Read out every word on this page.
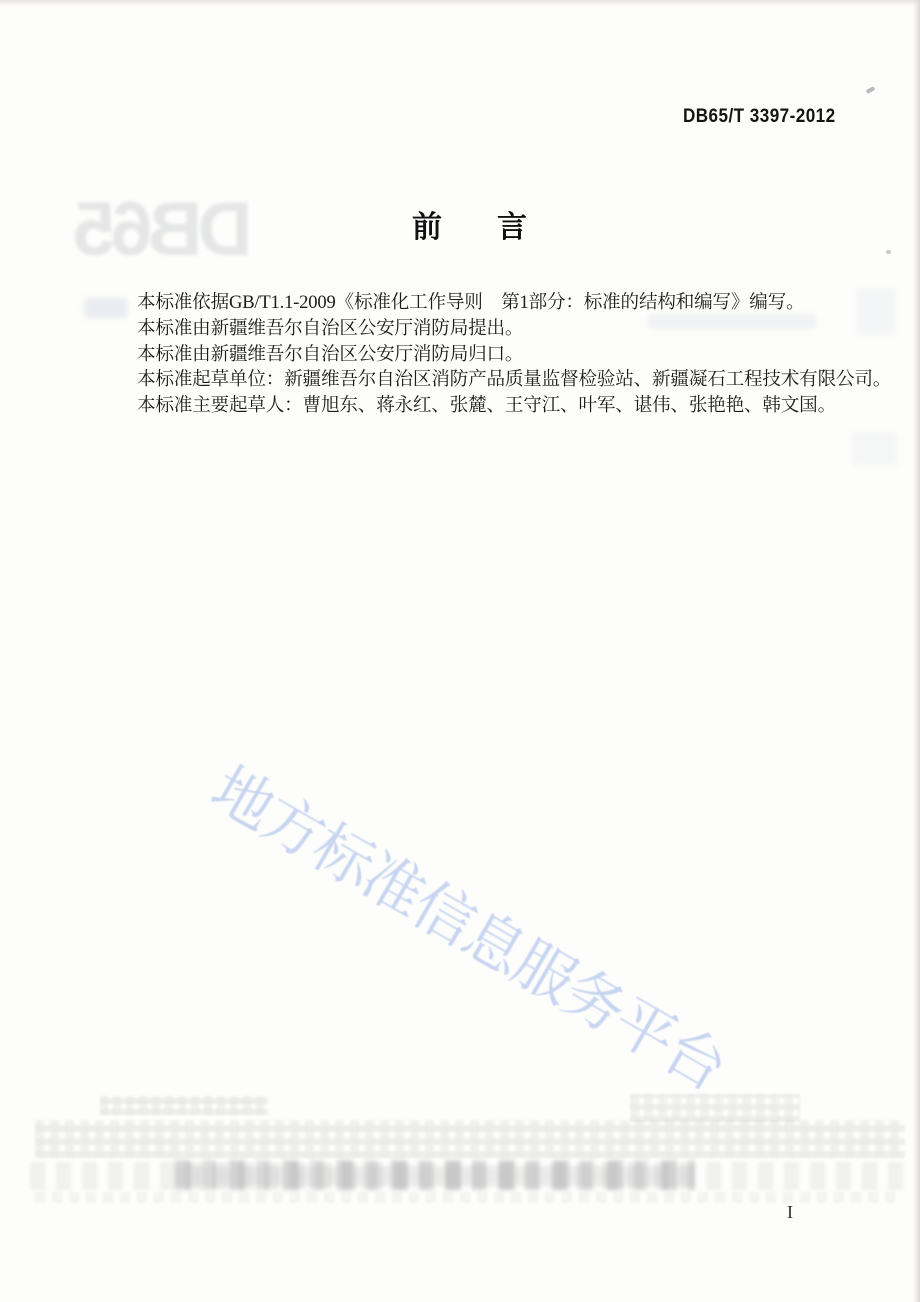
DB65/T 3397-2012
DB65	前 言

本标准依据GB/T1.1-2009《标准化工作导则　第1部分：标准的结构和编写》编写。

本标准由新疆维吾尔自治区公安厅消防局提出。

本标准由新疆维吾尔自治区公安厅消防局归口。

本标准起草单位：新疆维吾尔自治区消防产品质量监督检验站、新疆凝石工程技术有限公司。

本标准主要起草人：曹旭东、蒋永红、张麓、王守江、叶军、谌伟、张艳艳、韩文国。

地方标准信息服务平台
I
